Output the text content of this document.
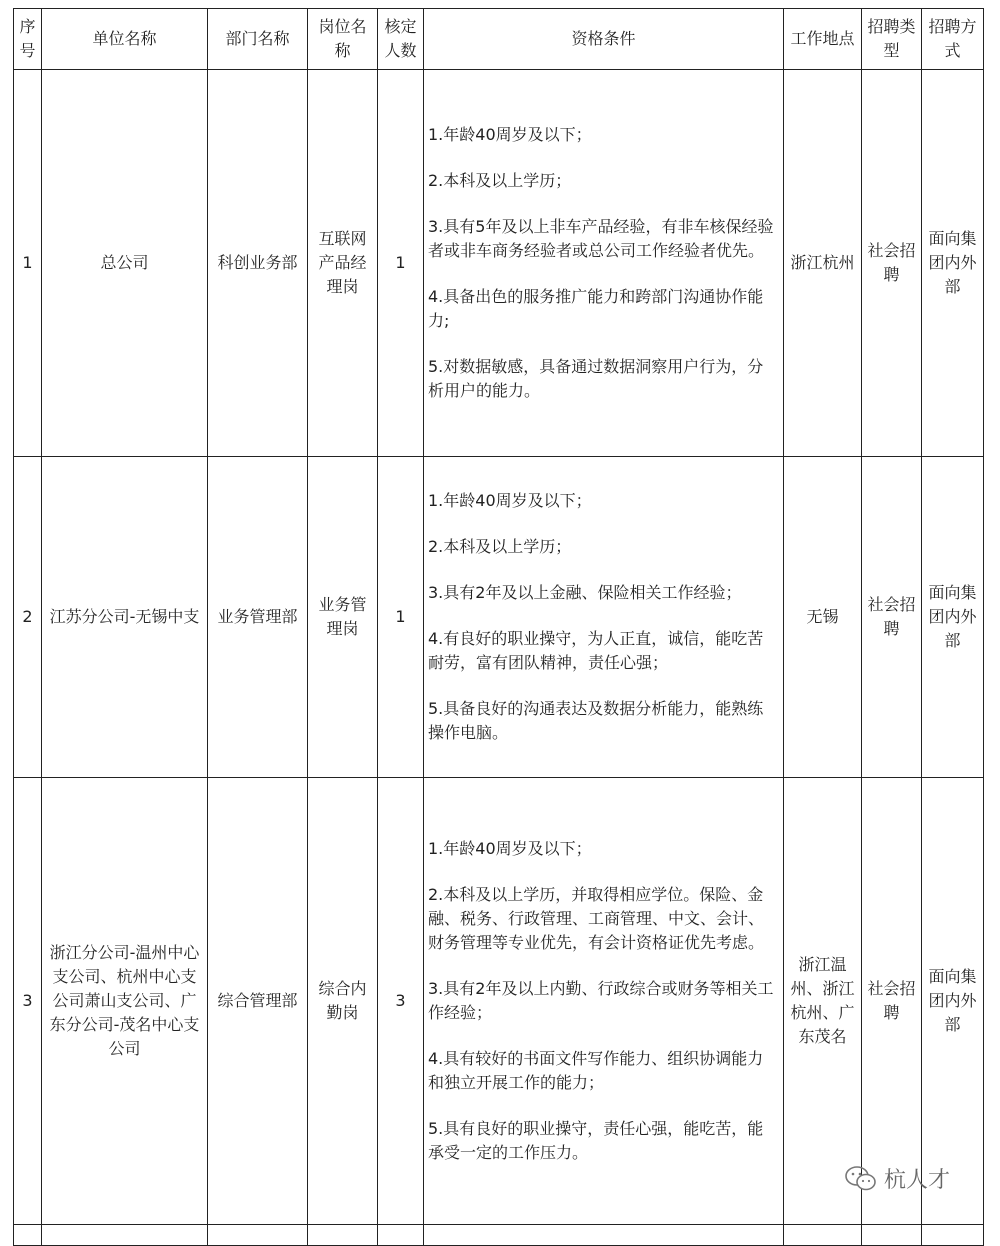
序号	单位名称	部门名称	岗位名称	核定人数	资格条件	工作地点	招聘类型	招聘方式
1	总公司	科创业务部	互联网产品经理岗	1	1.年龄40周岁及以下；

2.本科及以上学历；

3.具有5年及以上非车产品经验，有非车核保经验者或非车商务经验者或总公司工作经验者优先。

4.具备出色的服务推广能力和跨部门沟通协作能力;

5.对数据敏感，具备通过数据洞察用户行为，分析用户的能力。	浙江杭州	社会招聘	面向集团内外部
2	江苏分公司-无锡中支	业务管理部	业务管理岗	1	1.年龄40周岁及以下；

2.本科及以上学历；

3.具有2年及以上金融、保险相关工作经验；

4.有良好的职业操守，为人正直，诚信，能吃苦耐劳，富有团队精神，责任心强；

5.具备良好的沟通表达及数据分析能力，能熟练操作电脑。	无锡	社会招聘	面向集团内外部
3	浙江分公司-温州中心支公司、杭州中心支公司萧山支公司、广东分公司-茂名中心支公司	综合管理部	综合内勤岗	3	1.年龄40周岁及以下；

2.本科及以上学历，并取得相应学位。保险、金融、税务、行政管理、工商管理、中文、会计、财务管理等专业优先，有会计资格证优先考虑。

3.具有2年及以上内勤、行政综合或财务等相关工作经验；

4.具有较好的书面文件写作能力、组织协调能力和独立开展工作的能力；

5.具有良好的职业操守，责任心强，能吃苦，能承受一定的工作压力。	浙江温州、浙江杭州、广东茂名	社会招聘	面向集团内外部

杭人才
